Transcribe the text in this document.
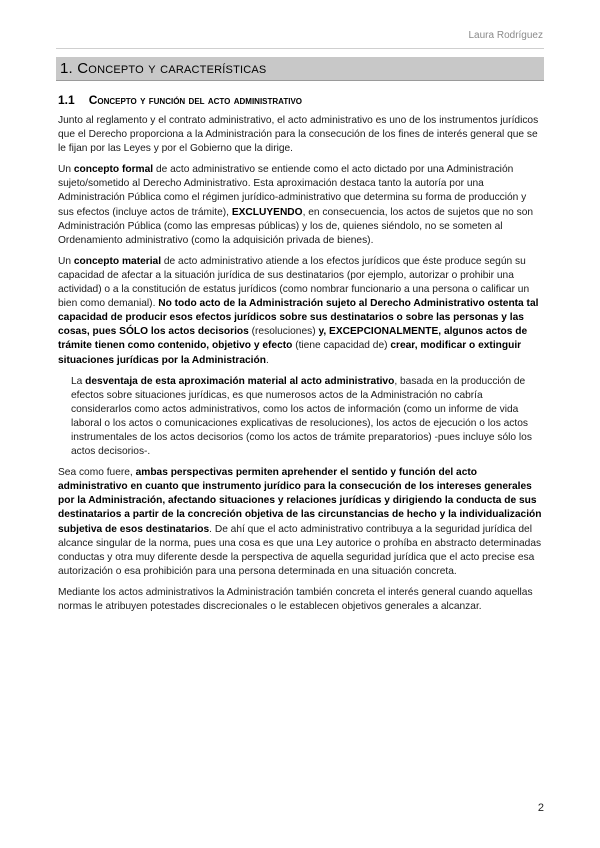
Laura Rodríguez
1. Concepto y características
1.1 Concepto y función del acto administrativo

Junto al reglamento y el contrato administrativo, el acto administrativo es uno de los instrumentos jurídicos que el Derecho proporciona a la Administración para la consecución de los fines de interés general que se le fijan por las Leyes y por el Gobierno que la dirige.

Un concepto formal de acto administrativo se entiende como el acto dictado por una Administración sujeto/sometido al Derecho Administrativo. Esta aproximación destaca tanto la autoría por una Administración Pública como el régimen jurídico-administrativo que determina su forma de producción y sus efectos (incluye actos de trámite), EXCLUYENDO, en consecuencia, los actos de sujetos que no son Administración Pública (como las empresas públicas) y los de, quienes siéndolo, no se someten al Ordenamiento administrativo (como la adquisición privada de bienes).

Un concepto material de acto administrativo atiende a los efectos jurídicos que éste produce según su capacidad de afectar a la situación jurídica de sus destinatarios (por ejemplo, autorizar o prohibir una actividad) o a la constitución de estatus jurídicos (como nombrar funcionario a una persona o calificar un bien como demanial). No todo acto de la Administración sujeto al Derecho Administrativo ostenta tal capacidad de producir esos efectos jurídicos sobre sus destinatarios o sobre las personas y las cosas, pues SÓLO los actos decisorios (resoluciones) y, EXCEPCIONALMENTE, algunos actos de trámite tienen como contenido, objetivo y efecto (tiene capacidad de) crear, modificar o extinguir situaciones jurídicas por la Administración.

La desventaja de esta aproximación material al acto administrativo, basada en la producción de efectos sobre situaciones jurídicas, es que numerosos actos de la Administración no cabría considerarlos como actos administrativos, como los actos de información (como un informe de vida laboral o los actos o comunicaciones explicativas de resoluciones), los actos de ejecución o los actos instrumentales de los actos decisorios (como los actos de trámite preparatorios) -pues incluye sólo los actos decisorios-.

Sea como fuere, ambas perspectivas permiten aprehender el sentido y función del acto administrativo en cuanto que instrumento jurídico para la consecución de los intereses generales por la Administración, afectando situaciones y relaciones jurídicas y dirigiendo la conducta de sus destinatarios a partir de la concreción objetiva de las circunstancias de hecho y la individualización subjetiva de esos destinatarios. De ahí que el acto administrativo contribuya a la seguridad jurídica del alcance singular de la norma, pues una cosa es que una Ley autorice o prohíba en abstracto determinadas conductas y otra muy diferente desde la perspectiva de aquella seguridad jurídica que el acto precise esa autorización o esa prohibición para una persona determinada en una situación concreta.

Mediante los actos administrativos la Administración también concreta el interés general cuando aquellas normas le atribuyen potestades discrecionales o le establecen objetivos generales a alcanzar.

2
